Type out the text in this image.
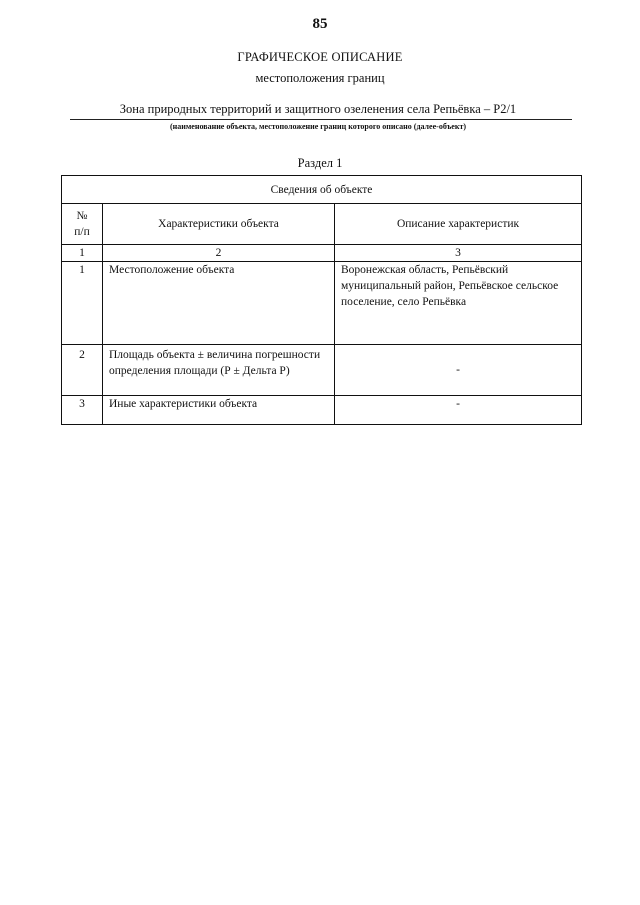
85
ГРАФИЧЕСКОЕ ОПИСАНИЕ
местоположения границ
Зона природных территорий и защитного озеленения села Репьёвка – Р2/1
(наименование объекта, местоположение границ которого описано (далее-объект)
Раздел 1
Сведения об объекте		

№
п/п	Характеристики объекта	Описание характеристик
1	2	3
1	Местоположение объекта	Воронежская область, Репьёвский муниципальный район, Репьёвское сельское поселение, село Репьёвка
2	Площадь объекта ± величина погрешности определения площади (Р ± Дельта Р)	-
3	Иные характеристики объекта	-
